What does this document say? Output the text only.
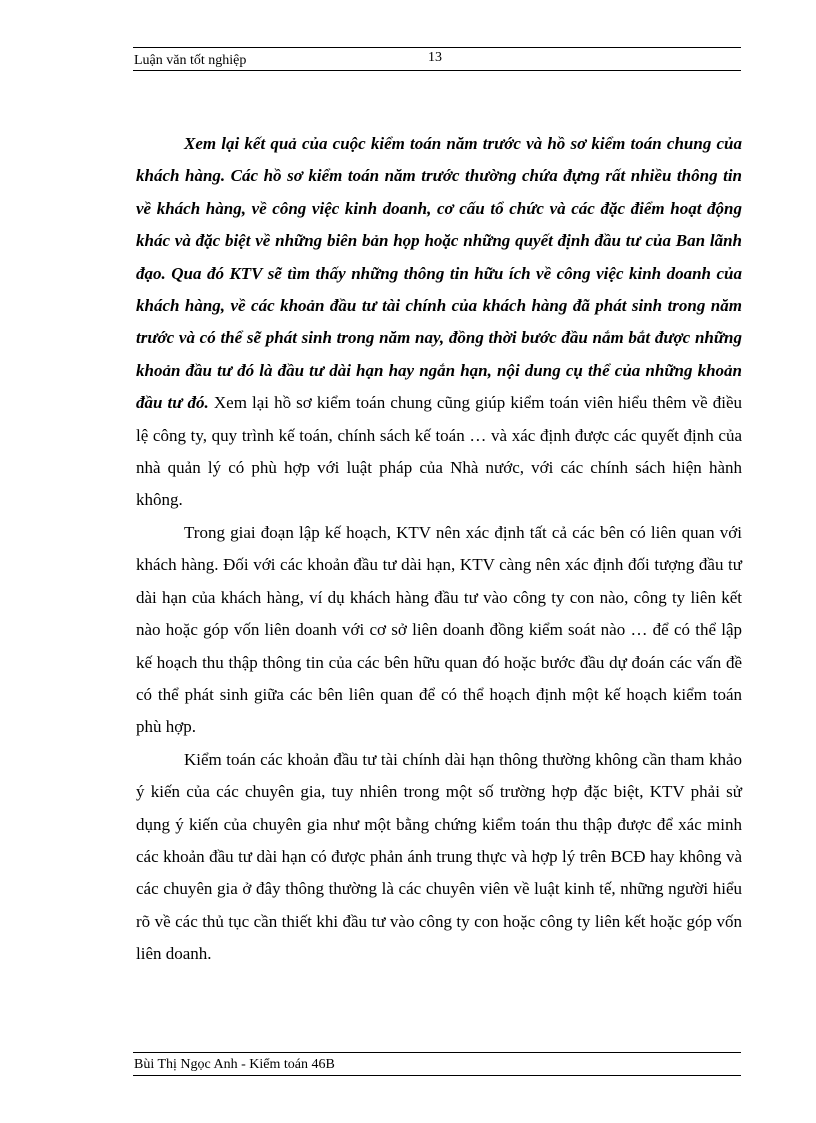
Luận văn tốt nghiệp	13

Xem lại kết quả của cuộc kiểm toán năm trước và hồ sơ kiểm toán chung của khách hàng. Các hồ sơ kiểm toán năm trước thường chứa đựng rất nhiều thông tin về khách hàng, về công việc kinh doanh, cơ cấu tổ chức và các đặc điểm hoạt động khác và đặc biệt về những biên bản họp hoặc những quyết định đầu tư của Ban lãnh đạo. Qua đó KTV sẽ tìm thấy những thông tin hữu ích về công việc kinh doanh của khách hàng, về các khoản đầu tư tài chính của khách hàng đã phát sinh trong năm trước và có thể sẽ phát sinh trong năm nay, đồng thời bước đầu nắm bắt được những khoản đầu tư đó là đầu tư dài hạn hay ngắn hạn, nội dung cụ thể của những khoản đầu tư đó. Xem lại hồ sơ kiểm toán chung cũng giúp kiểm toán viên hiểu thêm về điều lệ công ty, quy trình kế toán, chính sách kế toán … và xác định được các quyết định của nhà quản lý có phù hợp với luật pháp của Nhà nước, với các chính sách hiện hành không.

Trong giai đoạn lập kế hoạch, KTV nên xác định tất cả các bên có liên quan với khách hàng. Đối với các khoản đầu tư dài hạn, KTV càng nên xác định đối tượng đầu tư dài hạn của khách hàng, ví dụ khách hàng đầu tư vào công ty con nào, công ty liên kết nào hoặc góp vốn liên doanh với cơ sở liên doanh đồng kiểm soát nào … để có thể lập kế hoạch thu thập thông tin của các bên hữu quan đó hoặc bước đầu dự đoán các vấn đề có thể phát sinh giữa các bên liên quan để có thể hoạch định một kế hoạch kiểm toán phù hợp.

Kiểm toán các khoản đầu tư tài chính dài hạn thông thường không cần tham khảo ý kiến của các chuyên gia, tuy nhiên trong một số trường hợp đặc biệt, KTV phải sử dụng ý kiến của chuyên gia như một bằng chứng kiểm toán thu thập được để xác minh các khoản đầu tư dài hạn có được phản ánh trung thực và hợp lý trên BCĐ hay không và các chuyên gia ở đây thông thường là các chuyên viên về luật kinh tế, những người hiểu rõ về các thủ tục cần thiết khi đầu tư vào công ty con hoặc công ty liên kết hoặc góp vốn liên doanh.

Bùi Thị Ngọc Anh - Kiểm toán 46B
